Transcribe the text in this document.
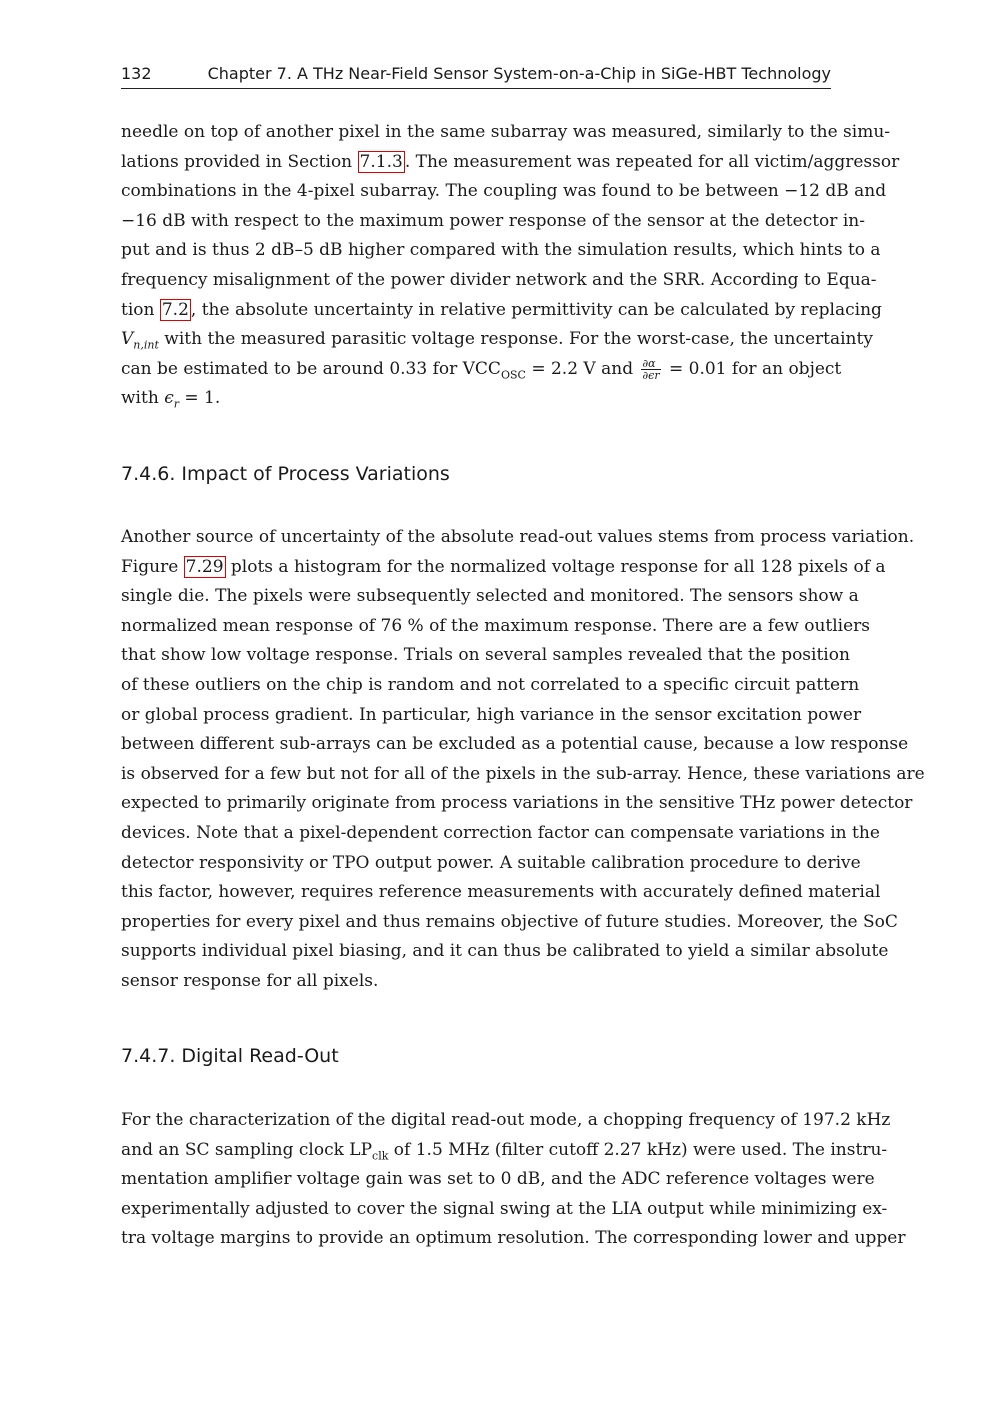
132	Chapter 7. A THz Near-Field Sensor System-on-a-Chip in SiGe-HBT Technology
needle on top of another pixel in the same subarray was measured, similarly to the simu-
lations provided in Section 7.1.3 . The measurement was repeated for all victim/aggressor
combinations in the 4-pixel subarray. The coupling was found to be between −12 dB and
−16 dB with respect to the maximum power response of the sensor at the detector in-
put and is thus 2 dB–5 dB higher compared with the simulation results, which hints to a
frequency misalignment of the power divider network and the SRR. According to Equa-
tion 7.2 , the absolute uncertainty in relative permittivity can be calculated by replacing
$V_{n,int}$ with the measured parasitic voltage response. For the worst-case, the uncertainty
can be estimated to be around 0.33 for $VCC_{OSC} = 2.2$ V and $\frac{\partial\alpha}{\partial\epsilon r} = 0.01$ for an object
with $\epsilon_r = 1$.
7.4.6. Impact of Process Variations
Another source of uncertainty of the absolute read-out values stems from process variation.
Figure 7.29 plots a histogram for the normalized voltage response for all 128 pixels of a
single die. The pixels were subsequently selected and monitored. The sensors show a
normalized mean response of 76 % of the maximum response. There are a few outliers
that show low voltage response. Trials on several samples revealed that the position
of these outliers on the chip is random and not correlated to a specific circuit pattern
or global process gradient. In particular, high variance in the sensor excitation power
between different sub-arrays can be excluded as a potential cause, because a low response
is observed for a few but not for all of the pixels in the sub-array. Hence, these variations are
expected to primarily originate from process variations in the sensitive THz power detector
devices. Note that a pixel-dependent correction factor can compensate variations in the
detector responsivity or TPO output power. A suitable calibration procedure to derive
this factor, however, requires reference measurements with accurately defined material
properties for every pixel and thus remains objective of future studies. Moreover, the SoC
supports individual pixel biasing, and it can thus be calibrated to yield a similar absolute
sensor response for all pixels.
7.4.7. Digital Read-Out
For the characterization of the digital read-out mode, a chopping frequency of 197.2 kHz
and an SC sampling clock $LP_{clk}$ of 1.5 MHz (filter cutoff 2.27 kHz) were used. The instru-
mentation amplifier voltage gain was set to 0 dB, and the ADC reference voltages were
experimentally adjusted to cover the signal swing at the LIA output while minimizing ex-
tra voltage margins to provide an optimum resolution. The corresponding lower and upper
